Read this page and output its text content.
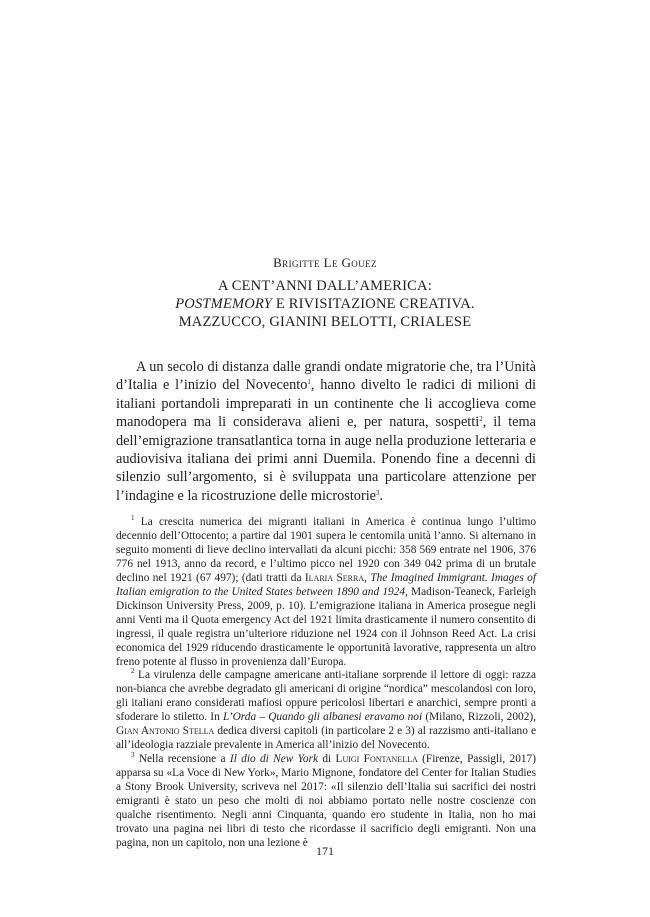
Brigitte Le Gouez
A CENT’ANNI DALL’AMERICA:
POSTMEMORY E RIVISITAZIONE CREATIVA.
MAZZUCCO, GIANINI BELOTTI, CRIALESE

A un secolo di distanza dalle grandi ondate migratorie che, tra l’Unità d’Italia e l’inizio del Novecento$^1$, hanno divelto le radici di milioni di italiani portandoli impreparati in un continente che li accoglieva come manodopera ma li considerava alieni e, per natura, sospetti$^2$, il tema dell’emigrazione transatlantica torna in auge nella produzione letteraria e audiovisiva italiana dei primi anni Duemila. Ponendo fine a decenni di silenzio sull’argomento, si è sviluppata una particolare attenzione per l’indagine e la ricostruzione delle microstorie$^3$.

$^1$ La crescita numerica dei migranti italiani in America è continua lungo l’ultimo decennio dell’Ottocento; a partire dal 1901 supera le centomila unità l’anno. Si alternano in seguito momenti di lieve declino intervallati da alcuni picchi: 358 569 entrate nel 1906, 376 776 nel 1913, anno da record, e l’ultimo picco nel 1920 con 349 042 prima di un brutale declino nel 1921 (67 497); (dati tratti da Ilaria Serra, The Imagined Immigrant. Images of Italian emigration to the United States between 1890 and 1924, Madison-Teaneck, Farleigh Dickinson University Press, 2009, p. 10). L’emigrazione italiana in America prosegue negli anni Venti ma il Quota emergency Act del 1921 limita drasticamente il numero consentito di ingressi, il quale registra un’ulteriore riduzione nel 1924 con il Johnson Reed Act. La crisi economica del 1929 riducendo drasticamente le opportunità lavorative, rappresenta un altro freno potente al flusso in provenienza dall’Europa.

$^2$ La virulenza delle campagne americane anti-italiane sorprende il lettore di oggi: razza non-bianca che avrebbe degradato gli americani di origine “nordica” mescolandosi con loro, gli italiani erano considerati mafiosi oppure pericolosi libertari e anarchici, sempre pronti a sfoderare lo stiletto. In L’Orda – Quando gli albanesi eravamo noi (Milano, Rizzoli, 2002), Gian Antonio Stella dedica diversi capitoli (in particolare 2 e 3) al razzismo anti-italiano e all’ideologia razziale prevalente in America all’inizio del Novecento.

$^3$ Nella recensione a Il dio di New York di Luigi Fontanella (Firenze, Passigli, 2017) apparsa su «La Voce di New York», Mario Mignone, fondatore del Center for Italian Studies a Stony Brook University, scriveva nel 2017: «Il silenzio dell’Italia sui sacrifici dei nostri emigranti è stato un peso che molti di noi abbiamo portato nelle nostre coscienze con qualche risentimento. Negli anni Cinquanta, quando ero studente in Italia, non ho mai trovato una pagina nei libri di testo che ricordasse il sacrificio degli emigranti. Non una pagina, non un capitolo, non una lezione è

171
